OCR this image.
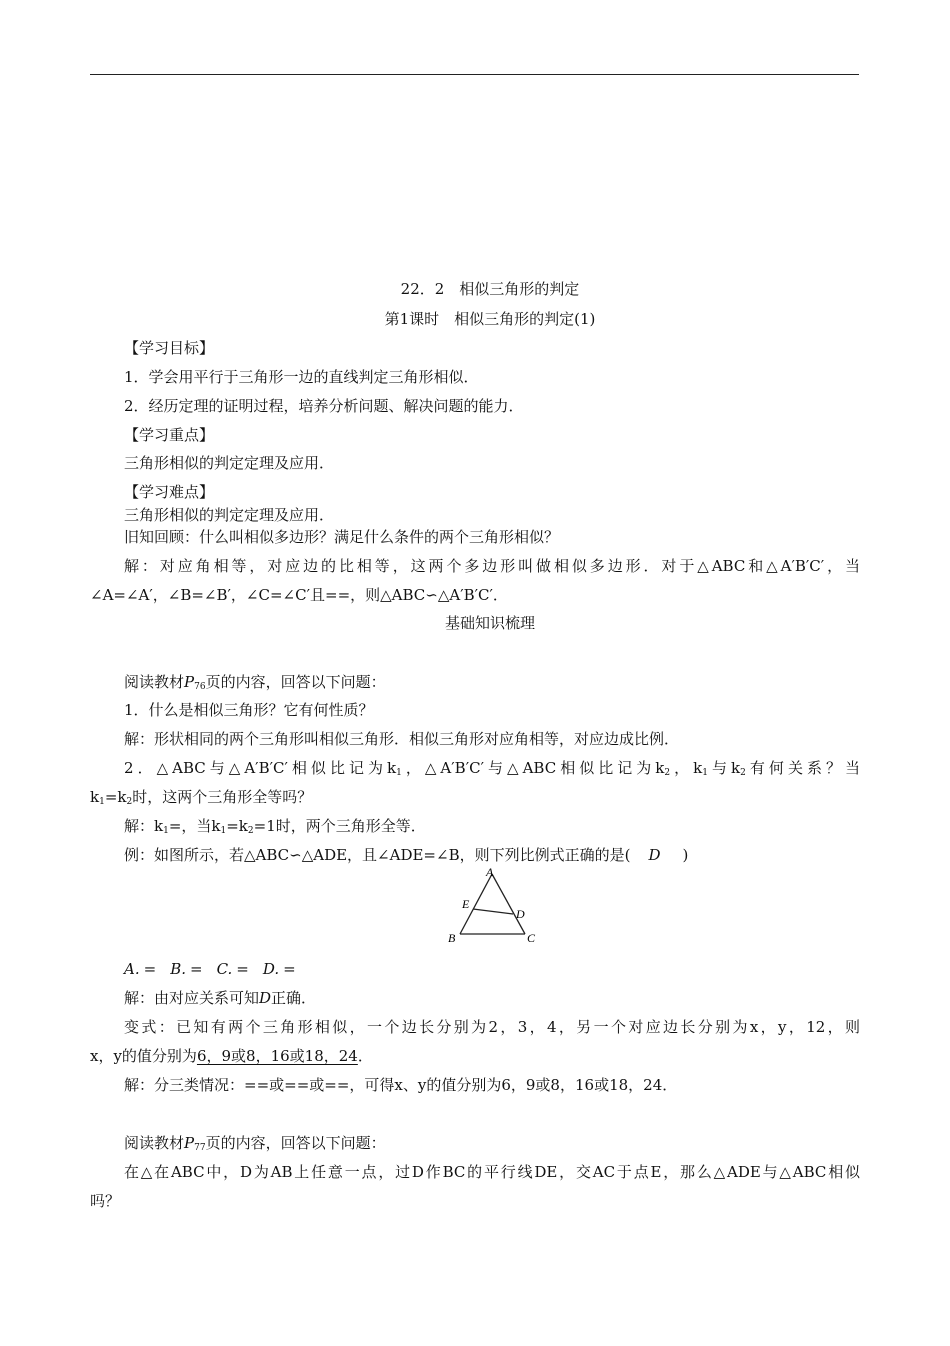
22．2　相似三角形的判定
第1课时　相似三角形的判定(1)
【学习目标】
1．学会用平行于三角形一边的直线判定三角形相似．
2．经历定理的证明过程，培养分析问题、解决问题的能力．
【学习重点】
三角形相似的判定定理及应用．
【学习难点】
三角形相似的判定定理及应用．
旧知回顾：什么叫相似多边形？满足什么条件的两个三角形相似？
解：对应角相等，对应边的比相等，这两个多边形叫做相似多边形．对于△ABC和△A′B′C′，当
∠A=∠A′，∠B=∠B′，∠C=∠C′且==，则△ABC∽△A′B′C′．
基础知识梳理
阅读教材$P_{76}$页的内容，回答以下问题：
1．什么是相似三角形？它有何性质？
解：形状相同的两个三角形叫相似三角形．相似三角形对应角相等，对应边成比例．
2．△ABC与△A′B′C′相似比记为$k_1$，△A′B′C′与△ABC相似比记为$k_2$，$k_1$与$k_2$有何关系？当
$k_1=k_2$时，这两个三角形全等吗？
解：$k_1=$，当$k_1=k_2=1$时，两个三角形全等．
例：如图所示，若△ABC∽△ADE，且∠ADE=∠B，则下列比例式正确的是( D )
A
E
D
B	C
A. = B. = C. = D. =
解：由对应关系可知D正确．
变式：已知有两个三角形相似，一个边长分别为2，3，4，另一个对应边长分别为x，y，12，则
x，y的值分别为6，9或8，16或18，24．
解：分三类情况：==或==或==，可得x、y的值分别为6，9或8，16或18，24．
阅读教材$P_{77}$页的内容，回答以下问题：
在△在ABC中，D为AB上任意一点，过D作BC的平行线DE，交AC于点E，那么△ADE与△ABC相似
吗？
